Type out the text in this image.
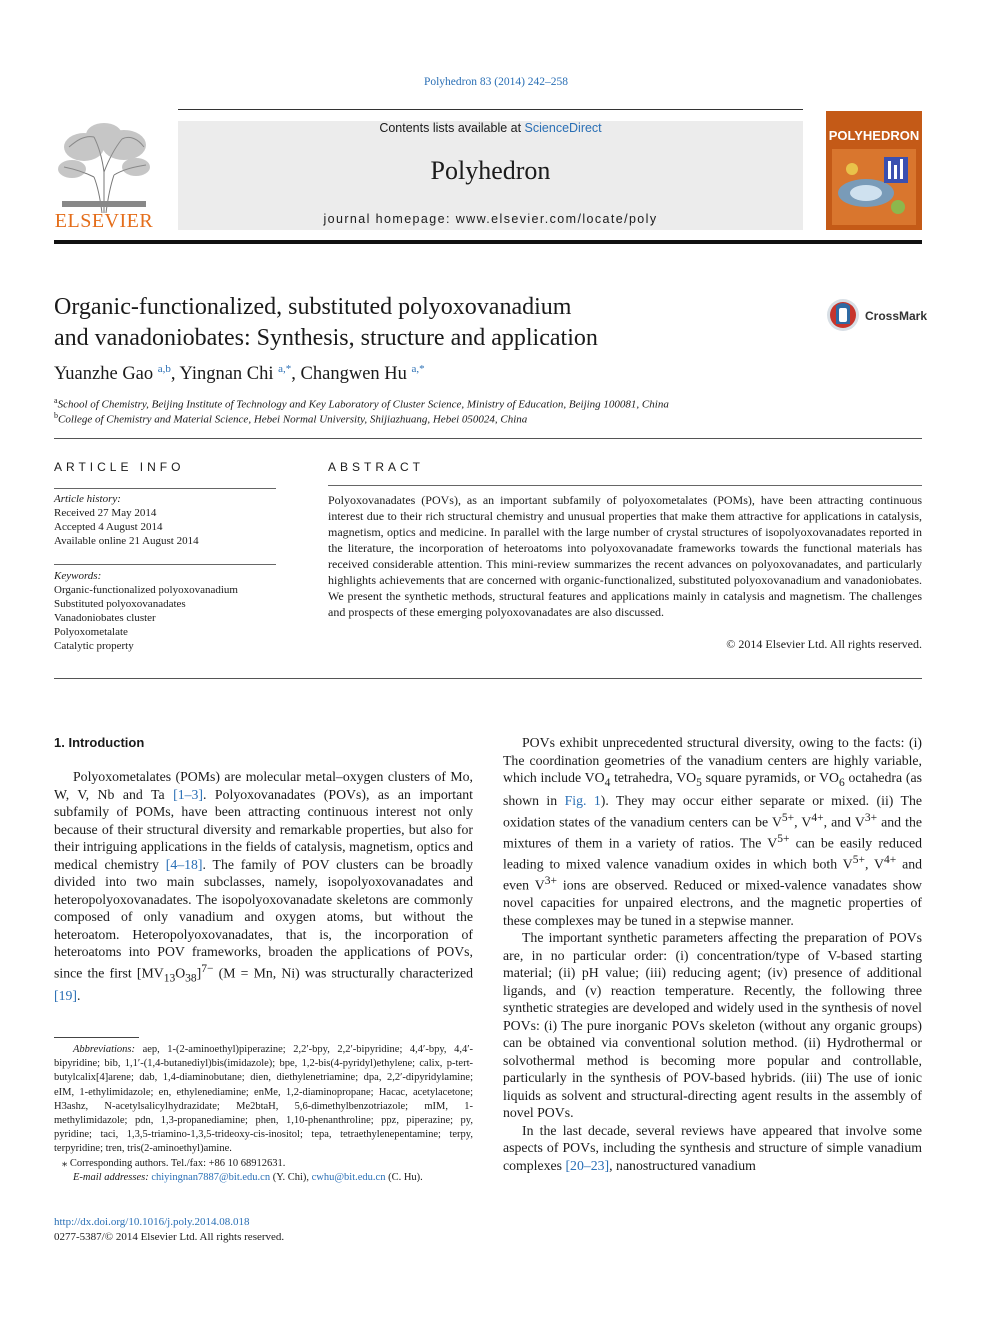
Polyhedron 83 (2014) 242–258
ELSEVIER
Contents lists available at ScienceDirect
Polyhedron
journal homepage: www.elsevier.com/locate/poly
POLYHEDRON
Organic-functionalized, substituted polyoxovanadium
and vanadoniobates: Synthesis, structure and application
CrossMark
Yuanzhe Gao $^{a,b}$, Yingnan Chi $^{a,*}$, Changwen Hu $^{a,*}$
$^a$School of Chemistry, Beijing Institute of Technology and Key Laboratory of Cluster Science, Ministry of Education, Beijing 100081, China
$^b$College of Chemistry and Material Science, Hebei Normal University, Shijiazhuang, Hebei 050024, China
ARTICLE INFO
Article history:
Received 27 May 2014
Accepted 4 August 2014
Available online 21 August 2014
Keywords:
Organic-functionalized polyoxovanadium
Substituted polyoxovanadates
Vanadoniobates cluster
Polyoxometalate
Catalytic property
ABSTRACT
Polyoxovanadates (POVs), as an important subfamily of polyoxometalates (POMs), have been attracting continuous interest due to their rich structural chemistry and unusual properties that make them attractive for applications in catalysis, magnetism, optics and medicine. In parallel with the large number of crystal structures of isopolyoxovanadates reported in the literature, the incorporation of heteroatoms into polyoxovanadate frameworks towards the functional materials has received considerable attention. This mini-review summarizes the recent advances on polyoxovanadates, and particularly highlights achievements that are concerned with organic-functionalized, substituted polyoxovanadium and vanadoniobates. We present the synthetic methods, structural features and applications mainly in catalysis and magnetism. The challenges and prospects of these emerging polyoxovanadates are also discussed.
© 2014 Elsevier Ltd. All rights reserved.
1. Introduction

Polyoxometalates (POMs) are molecular metal–oxygen clusters of Mo, W, V, Nb and Ta [1–3]. Polyoxovanadates (POVs), as an important subfamily of POMs, have been attracting continuous interest not only because of their structural diversity and remarkable properties, but also for their intriguing applications in the fields of catalysis, magnetism, optics and medical chemistry [4–18]. The family of POV clusters can be broadly divided into two main subclasses, namely, isopolyoxovanadates and heteropolyoxovanadates. The isopolyoxovanadate skeletons are commonly composed of only vanadium and oxygen atoms, but without the heteroatom. Heteropolyoxovanadates, that is, the incorporation of heteroatoms into POV frameworks, broaden the applications of POVs, since the first $[MV_{13}O_{38}]^{7-}$ (M = Mn, Ni) was structurally characterized [19].

Abbreviations: aep, 1-(2-aminoethyl)piperazine; 2,2′-bpy, 2,2′-bipyridine; 4,4′-bpy, 4,4′-bipyridine; bib, 1,1′-(1,4-butanediyl)bis(imidazole); bpe, 1,2-bis(4-pyridyl)ethylene; calix, p-tert-butylcalix[4]arene; dab, 1,4-diaminobutane; dien, diethylenetriamine; dpa, 2,2′-dipyridylamine; eIM, 1-ethylimidazole; en, ethylenediamine; enMe, 1,2-diaminopropane; Hacac, acetylacetone; H3ashz, N-acetylsalicylhydrazidate; Me2btaH, 5,6-dimethylbenzotriazole; mIM, 1-methylimidazole; pdn, 1,3-propanediamine; phen, 1,10-phenanthroline; ppz, piperazine; py, pyridine; taci, 1,3,5-triamino-1,3,5-trideoxy-cis-inositol; tepa, tetraethylenepentamine; terpy, terpyridine; tren, tris(2-aminoethyl)amine.

⁎ Corresponding authors. Tel./fax: +86 10 68912631.

E-mail addresses: chiyingnan7887@bit.edu.cn (Y. Chi), cwhu@bit.edu.cn (C. Hu).

http://dx.doi.org/10.1016/j.poly.2014.08.018
0277-5387/© 2014 Elsevier Ltd. All rights reserved.

POVs exhibit unprecedented structural diversity, owing to the facts: (i) The coordination geometries of the vanadium centers are highly variable, which include $VO_4$ tetrahedra, $VO_5$ square pyramids, or $VO_6$ octahedra (as shown in Fig. 1). They may occur either separate or mixed. (ii) The oxidation states of the vanadium centers can be $V^{5+}$, $V^{4+}$, and $V^{3+}$ and the mixtures of them in a variety of ratios. The $V^{5+}$ can be easily reduced leading to mixed valence vanadium oxides in which both $V^{5+}$, $V^{4+}$ and even $V^{3+}$ ions are observed. Reduced or mixed-valence vanadates show novel capacities for unpaired electrons, and the magnetic properties of these complexes may be tuned in a stepwise manner.

The important synthetic parameters affecting the preparation of POVs are, in no particular order: (i) concentration/type of V-based starting material; (ii) pH value; (iii) reducing agent; (iv) presence of additional ligands, and (v) reaction temperature. Recently, the following three synthetic strategies are developed and widely used in the synthesis of novel POVs: (i) The pure inorganic POVs skeleton (without any organic groups) can be obtained via conventional solution method. (ii) Hydrothermal or solvothermal method is becoming more popular and controllable, particularly in the synthesis of POV-based hybrids. (iii) The use of ionic liquids as solvent and structural-directing agent results in the assembly of novel POVs.

In the last decade, several reviews have appeared that involve some aspects of POVs, including the synthesis and structure of simple vanadium complexes [20–23], nanostructured vanadium
